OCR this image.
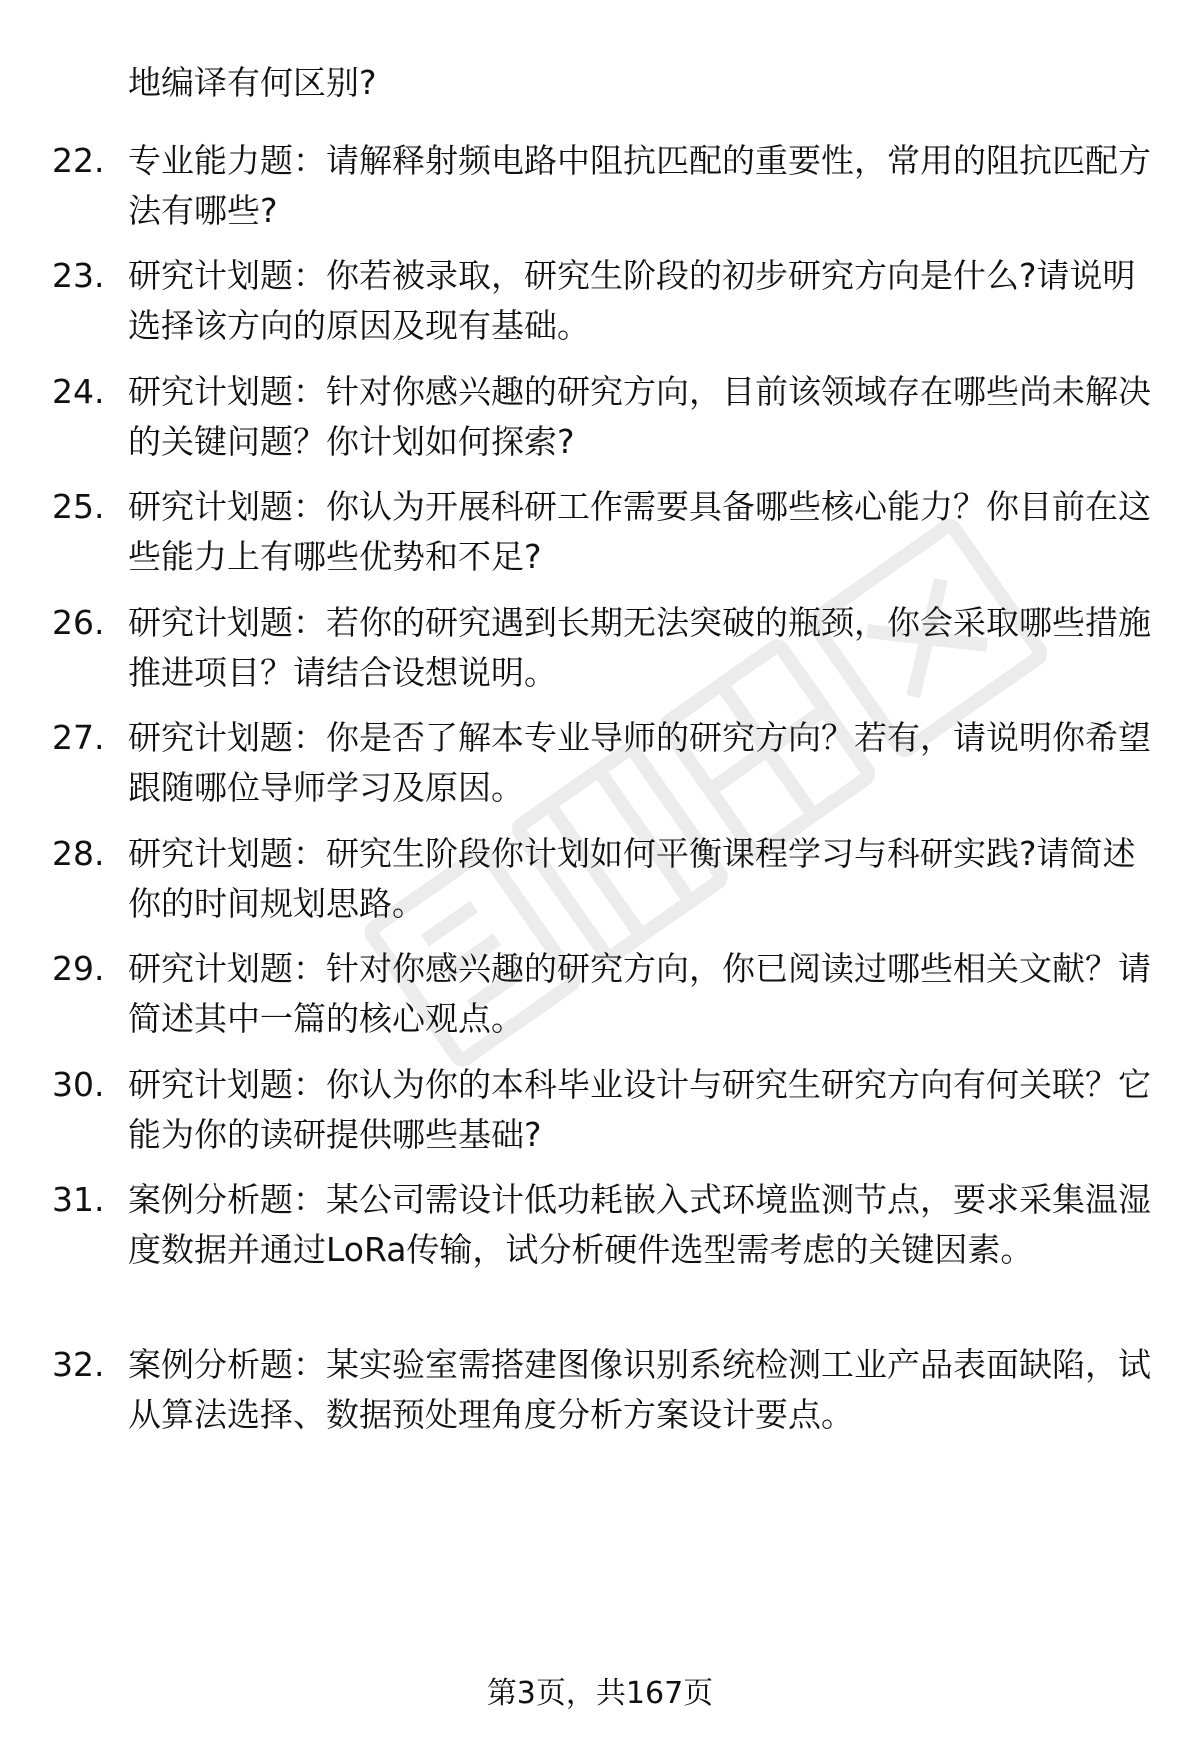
地编译有何区别?
22. 专业能力题：请解释射频电路中阻抗匹配的重要性，常用的阻抗匹配方法有哪些?
23. 研究计划题：你若被录取，研究生阶段的初步研究方向是什么?请说明选择该方向的原因及现有基础。
24. 研究计划题：针对你感兴趣的研究方向，目前该领域存在哪些尚未解决的关键问题？你计划如何探索?
25. 研究计划题：你认为开展科研工作需要具备哪些核心能力？你目前在这些能力上有哪些优势和不足?
26. 研究计划题：若你的研究遇到长期无法突破的瓶颈，你会采取哪些措施推进项目？请结合设想说明。
27. 研究计划题：你是否了解本专业导师的研究方向？若有，请说明你希望跟随哪位导师学习及原因。
28. 研究计划题：研究生阶段你计划如何平衡课程学习与科研实践?请简述你的时间规划思路。
29. 研究计划题：针对你感兴趣的研究方向，你已阅读过哪些相关文献？请简述其中一篇的核心观点。
30. 研究计划题：你认为你的本科毕业设计与研究生研究方向有何关联？它能为你的读研提供哪些基础?
31. 案例分析题：某公司需设计低功耗嵌入式环境监测节点，要求采集温湿度数据并通过LoRa传输，试分析硬件选型需考虑的关键因素。
32. 案例分析题：某实验室需搭建图像识别系统检测工业产品表面缺陷，试从算法选择、数据预处理角度分析方案设计要点。
第3页，共167页
